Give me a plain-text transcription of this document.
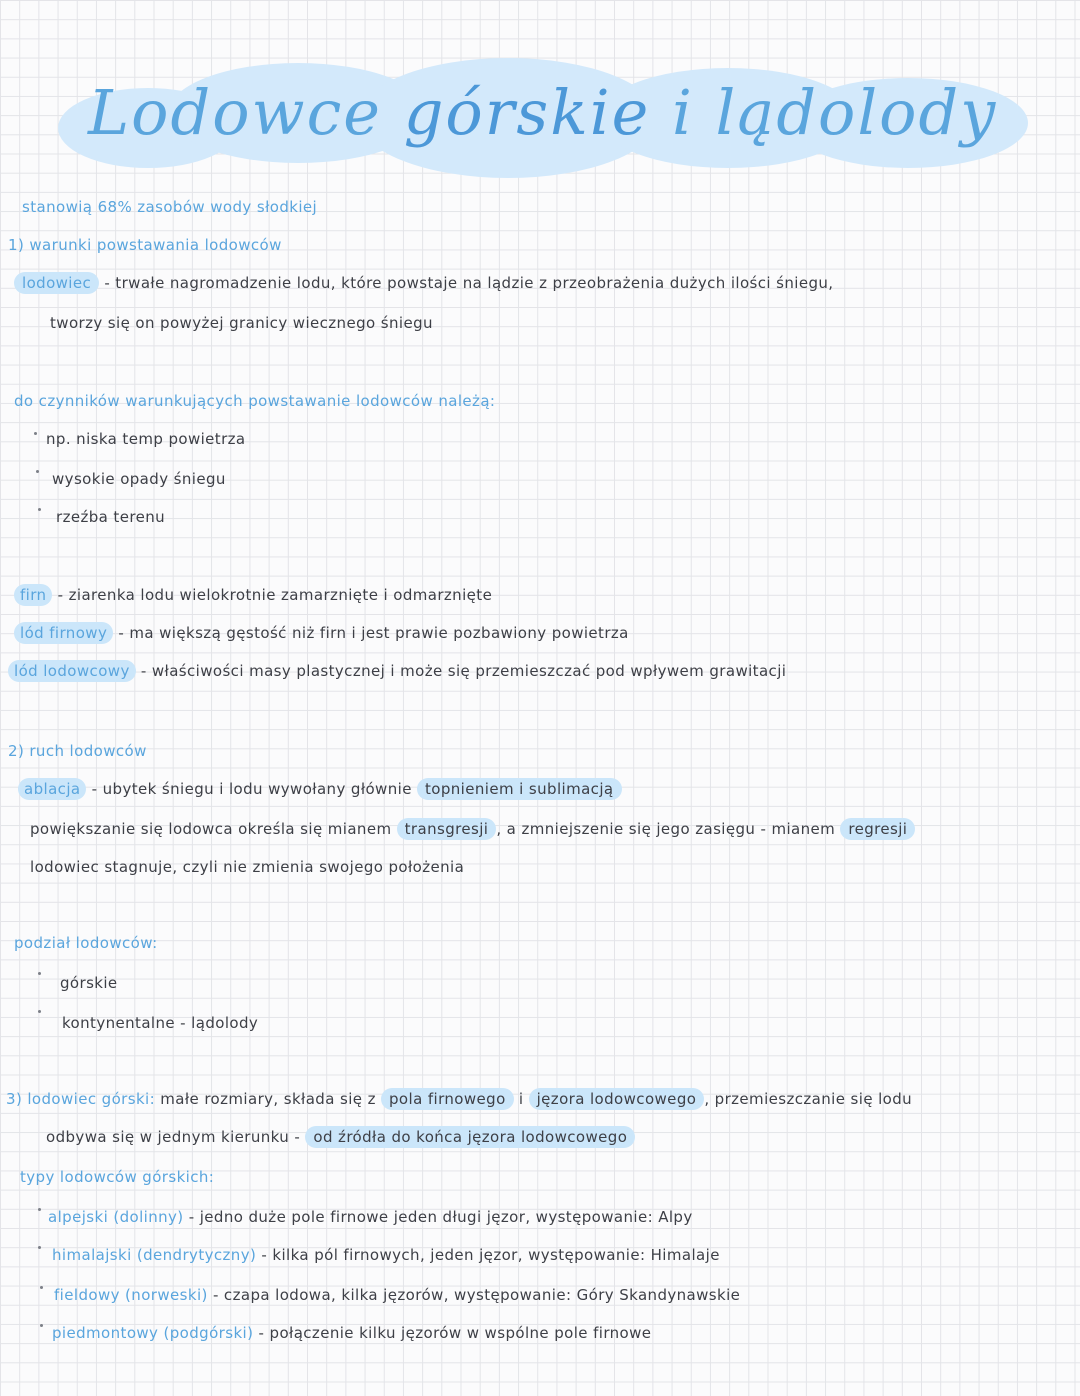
Lodowce górskie i lądolody
stanowią 68% zasobów wody słodkiej
1) warunki powstawania lodowców
lodowiec - trwałe nagromadzenie lodu, które powstaje na lądzie z przeobrażenia dużych ilości śniegu,
tworzy się on powyżej granicy wiecznego śniegu
do czynników warunkujących powstawanie lodowców należą:
np. niska temp powietrza
wysokie opady śniegu
rzeźba terenu
firn - ziarenka lodu wielokrotnie zamarznięte i odmarznięte
lód firnowy - ma większą gęstość niż firn i jest prawie pozbawiony powietrza
lód lodowcowy - właściwości masy plastycznej i może się przemieszczać pod wpływem grawitacji
2) ruch lodowców
ablacja - ubytek śniegu i lodu wywołany głównie topnieniem i sublimacją
powiększanie się lodowca określa się mianem transgresji , a zmniejszenie się jego zasięgu - mianem regresji
lodowiec stagnuje, czyli nie zmienia swojego położenia
podział lodowców:
górskie
kontynentalne - lądolody
3) lodowiec górski: małe rozmiary, składa się z pola firnowego i jęzora lodowcowego , przemieszczanie się lodu
odbywa się w jednym kierunku - od źródła do końca jęzora lodowcowego
typy lodowców górskich:
alpejski (dolinny) - jedno duże pole firnowe jeden długi jęzor, występowanie: Alpy
himalajski (dendrytyczny) - kilka pól firnowych, jeden jęzor, występowanie: Himalaje
fieldowy (norweski) - czapa lodowa, kilka jęzorów, występowanie: Góry Skandynawskie
piedmontowy (podgórski) - połączenie kilku jęzorów w wspólne pole firnowe
